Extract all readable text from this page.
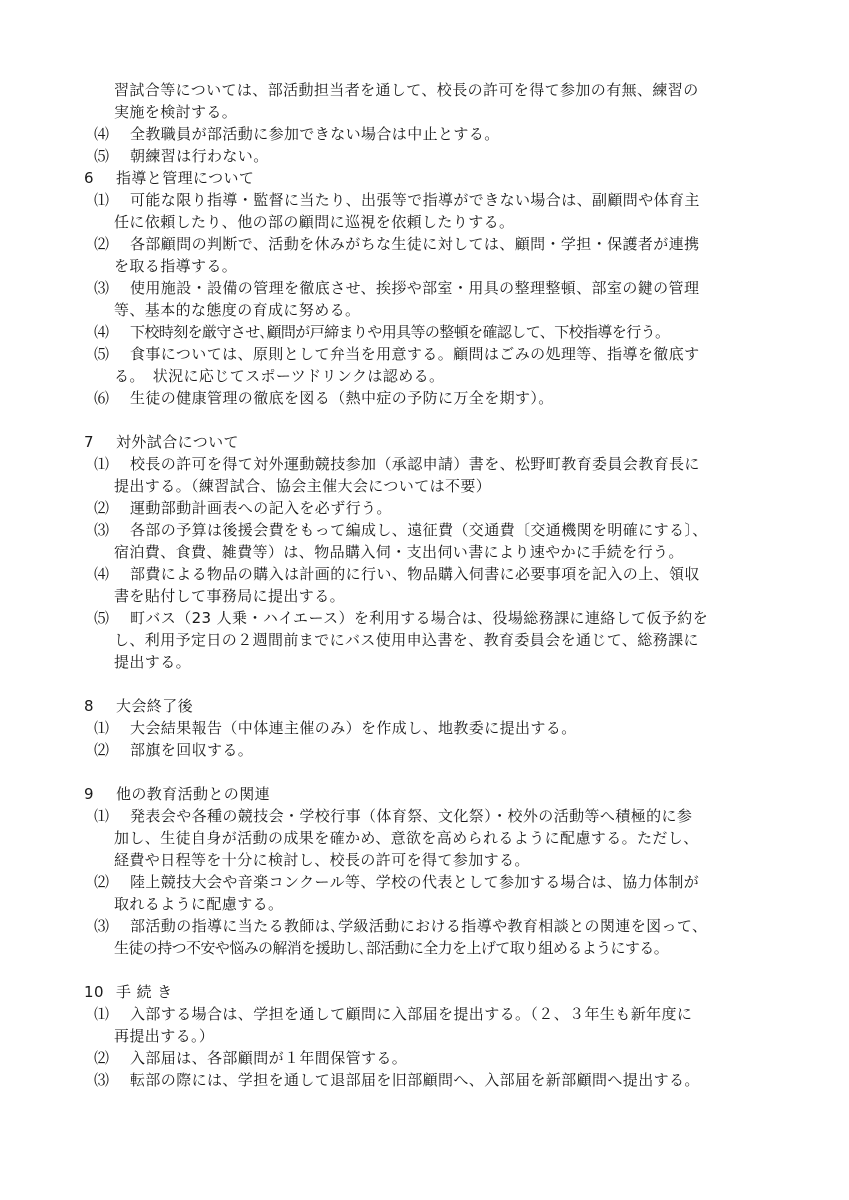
習試合等については、部活動担当者を通して、校長の許可を得て参加の有無、練習の
実施を検討する。
⑷ 全教職員が部活動に参加できない場合は中止とする。
⑸ 朝練習は行わない。
6 指導と管理について
⑴ 可能な限り指導・監督に当たり、出張等で指導ができない場合は、副顧問や体育主
任に依頼したり、他の部の顧問に巡視を依頼したりする。
⑵ 各部顧問の判断で、活動を休みがちな生徒に対しては、顧問・学担・保護者が連携
を取る指導する。
⑶ 使用施設・設備の管理を徹底させ、挨拶や部室・用具の整理整頓、部室の鍵の管理
等、基本的な態度の育成に努める。
⑷ 下校時刻を厳守させ､顧問が戸締まりや用具等の整頓を確認して、下校指導を行う。
⑸ 食事については、原則として弁当を用意する。顧問はごみの処理等、指導を徹底す
る。　状況に応じてスポーツドリンクは認める。
⑹ 生徒の健康管理の徹底を図る（熱中症の予防に万全を期す）。
7 対外試合について
⑴ 校長の許可を得て対外運動競技参加（承認申請）書を、松野町教育委員会教育長に
提出する。（練習試合、協会主催大会については不要）
⑵ 運動部動計画表への記入を必ず行う。
⑶ 各部の予算は後援会費をもって編成し、遠征費（交通費〔交通機関を明確にする〕、
宿泊費、食費、雑費等）は、物品購入伺・支出伺い書により速やかに手続を行う。
⑷ 部費による物品の購入は計画的に行い、物品購入伺書に必要事項を記入の上、領収
書を貼付して事務局に提出する。
⑸ 町バス（23 人乗・ハイエース）を利用する場合は、役場総務課に連絡して仮予約を
し、利用予定日の２週間前までにバス使用申込書を、教育委員会を通じて、総務課に
提出する。
8 大会終了後
⑴ 大会結果報告（中体連主催のみ）を作成し、地教委に提出する。
⑵ 部旗を回収する。
9 他の教育活動との関連
⑴ 発表会や各種の競技会・学校行事（体育祭、文化祭）・校外の活動等へ積極的に参
加し、生徒自身が活動の成果を確かめ、意欲を高められるように配慮する。ただし、
経費や日程等を十分に検討し、校長の許可を得て参加する。
⑵ 陸上競技大会や音楽コンクール等、学校の代表として参加する場合は、協力体制が
取れるように配慮する。
⑶ 部活動の指導に当たる教師は､学級活動における指導や教育相談との関連を図って、
生徒の持つ不安や悩みの解消を援助し､部活動に全力を上げて取り組めるようにする。
10 手 続 き
⑴ 入部する場合は、学担を通して顧問に入部届を提出する。（２、３年生も新年度に
再提出する。）
⑵ 入部届は、各部顧問が１年間保管する。
⑶ 転部の際には、学担を通して退部届を旧部顧問へ、入部届を新部顧問へ提出する。
